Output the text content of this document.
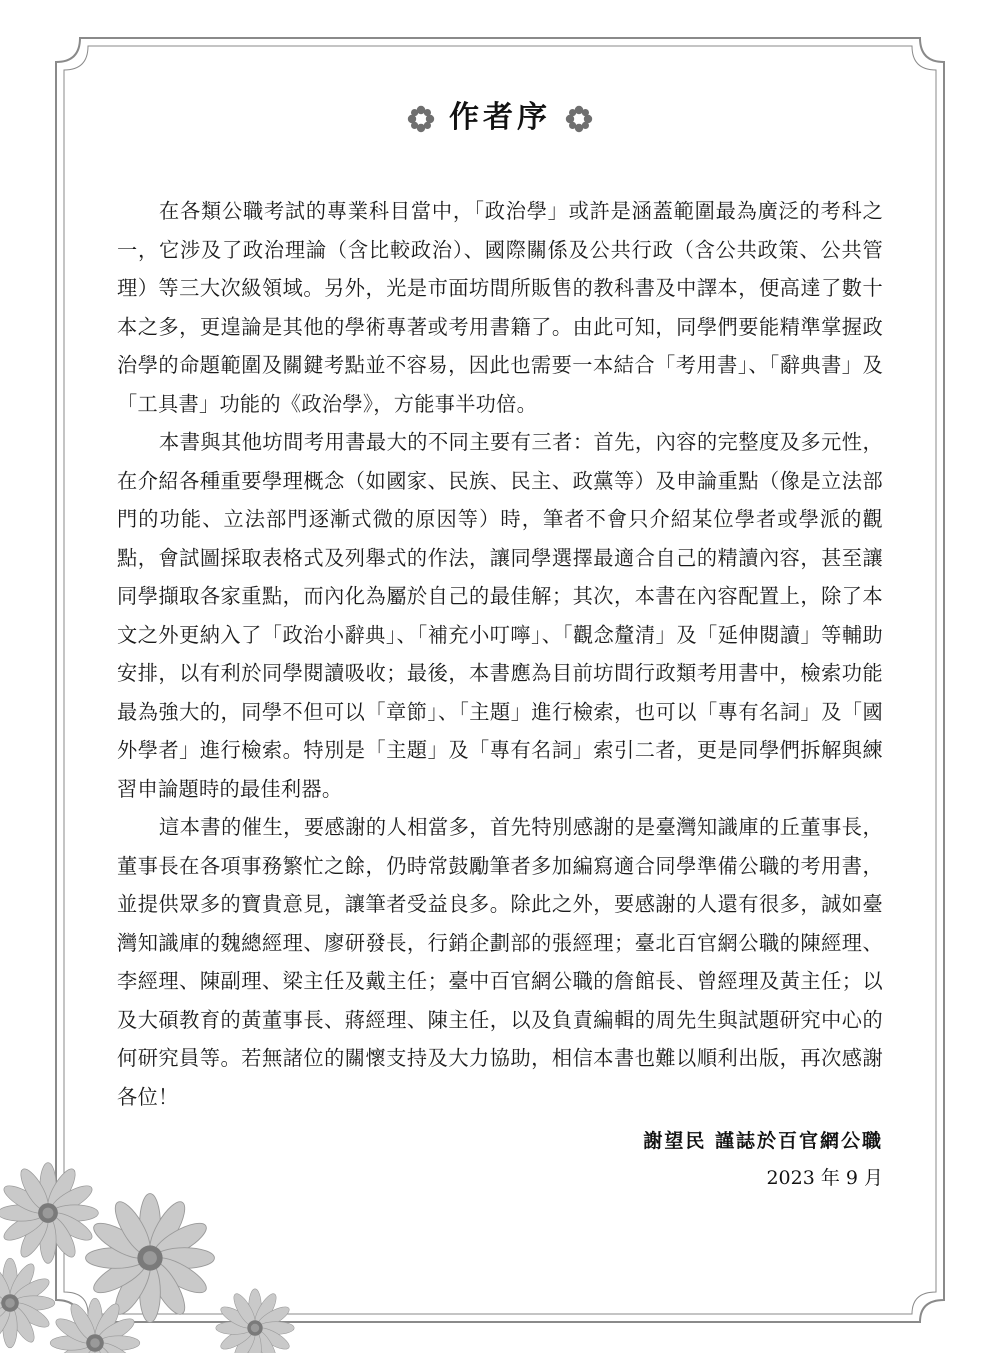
作者序

在各類公職考試的專業科目當中，「政治學」或許是涵蓋範圍最為廣泛的考科之一，它涉及了政治理論（含比較政治）、國際關係及公共行政（含公共政策、公共管理）等三大次級領域。另外，光是市面坊間所販售的教科書及中譯本，便高達了數十本之多，更遑論是其他的學術專著或考用書籍了。由此可知，同學們要能精準掌握政治學的命題範圍及關鍵考點並不容易，因此也需要一本結合「考用書」、「辭典書」及「工具書」功能的《政治學》，方能事半功倍。

本書與其他坊間考用書最大的不同主要有三者：首先，內容的完整度及多元性，在介紹各種重要學理概念（如國家、民族、民主、政黨等）及申論重點（像是立法部門的功能、立法部門逐漸式微的原因等）時，筆者不會只介紹某位學者或學派的觀點，會試圖採取表格式及列舉式的作法，讓同學選擇最適合自己的精讀內容，甚至讓同學擷取各家重點，而內化為屬於自己的最佳解；其次，本書在內容配置上，除了本文之外更納入了「政治小辭典」、「補充小叮嚀」、「觀念釐清」及「延伸閱讀」等輔助安排，以有利於同學閱讀吸收；最後，本書應為目前坊間行政類考用書中，檢索功能最為強大的，同學不但可以「章節」、「主題」進行檢索，也可以「專有名詞」及「國外學者」進行檢索。特別是「主題」及「專有名詞」索引二者，更是同學們拆解與練習申論題時的最佳利器。

這本書的催生，要感謝的人相當多，首先特別感謝的是臺灣知識庫的丘董事長，董事長在各項事務繁忙之餘，仍時常鼓勵筆者多加編寫適合同學準備公職的考用書，並提供眾多的寶貴意見，讓筆者受益良多。除此之外，要感謝的人還有很多，誠如臺灣知識庫的魏總經理、廖研發長，行銷企劃部的張經理；臺北百官網公職的陳經理、李經理、陳副理、梁主任及戴主任；臺中百官網公職的詹館長、曾經理及黃主任；以及大碩教育的黃董事長、蔣經理、陳主任，以及負責編輯的周先生與試題研究中心的何研究員等。若無諸位的關懷支持及大力協助，相信本書也難以順利出版，再次感謝各位！

謝望民 謹誌於百官網公職
2023 年 9 月
